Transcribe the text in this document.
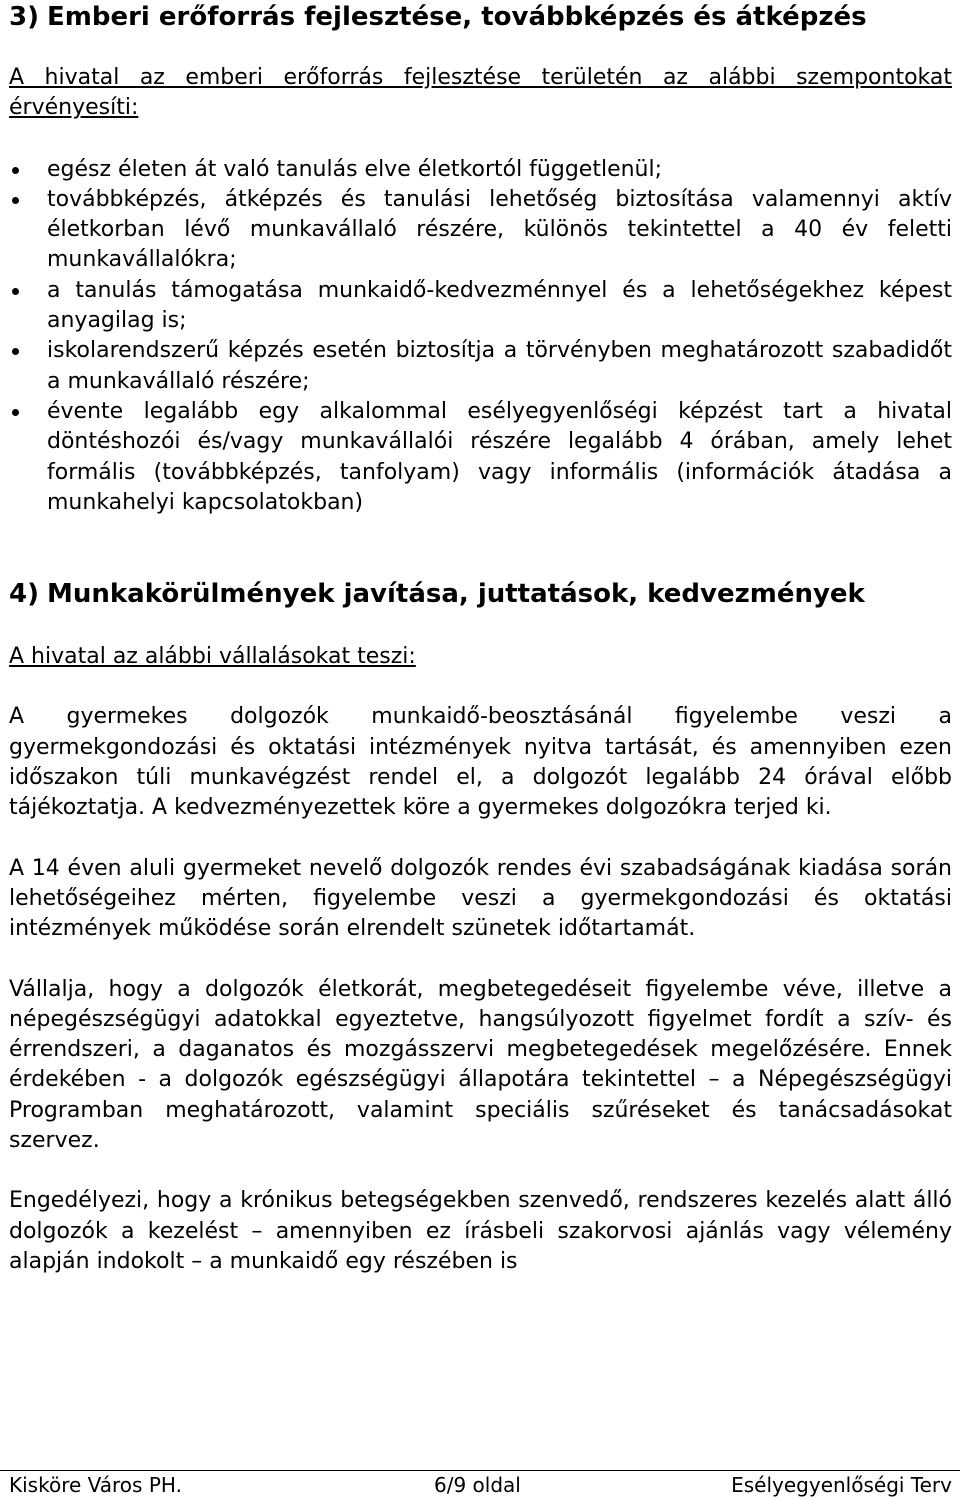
3) Emberi erőforrás fejlesztése, továbbképzés és átképzés

A hivatal az emberi erőforrás fejlesztése területén az alábbi szempontokat érvényesíti:

egész életen át való tanulás elve életkortól függetlenül;
továbbképzés, átképzés és tanulási lehetőség biztosítása valamennyi aktív életkorban lévő munkavállaló részére, különös tekintettel a 40 év feletti munkavállalókra;
a tanulás támogatása munkaidő-kedvezménnyel és a lehetőségekhez képest anyagilag is;
iskolarendszerű képzés esetén biztosítja a törvényben meghatározott szabadidőt a munkavállaló részére;
évente legalább egy alkalommal esélyegyenlőségi képzést tart a hivatal döntéshozói és/vagy munkavállalói részére legalább 4 órában, amely lehet formális (továbbképzés, tanfolyam) vagy informális (információk átadása a munkahelyi kapcsolatokban)
4) Munkakörülmények javítása, juttatások, kedvezmények

A hivatal az alábbi vállalásokat teszi:

A gyermekes dolgozók munkaidő-beosztásánál figyelembe veszi a gyermekgondozási és oktatási intézmények nyitva tartását, és amennyiben ezen időszakon túli munkavégzést rendel el, a dolgozót legalább 24 órával előbb tájékoztatja. A kedvezményezettek köre a gyermekes dolgozókra terjed ki.

A 14 éven aluli gyermeket nevelő dolgozók rendes évi szabadságának kiadása során lehetőségeihez mérten, figyelembe veszi a gyermekgondozási és oktatási intézmények működése során elrendelt szünetek időtartamát.

Vállalja, hogy a dolgozók életkorát, megbetegedéseit figyelembe véve, illetve a népegészségügyi adatokkal egyeztetve, hangsúlyozott figyelmet fordít a szív- és érrendszeri, a daganatos és mozgásszervi megbetegedések megelőzésére. Ennek érdekében - a dolgozók egészségügyi állapotára tekintettel – a Népegészségügyi Programban meghatározott, valamint speciális szűréseket és tanácsadásokat szervez.

Engedélyezi, hogy a krónikus betegségekben szenvedő, rendszeres kezelés alatt álló dolgozók a kezelést – amennyiben ez írásbeli szakorvosi ajánlás vagy vélemény alapján indokolt – a munkaidő egy részében is

Kisköre Város PH.	6/9 oldal	Esélyegyenlőségi Terv
